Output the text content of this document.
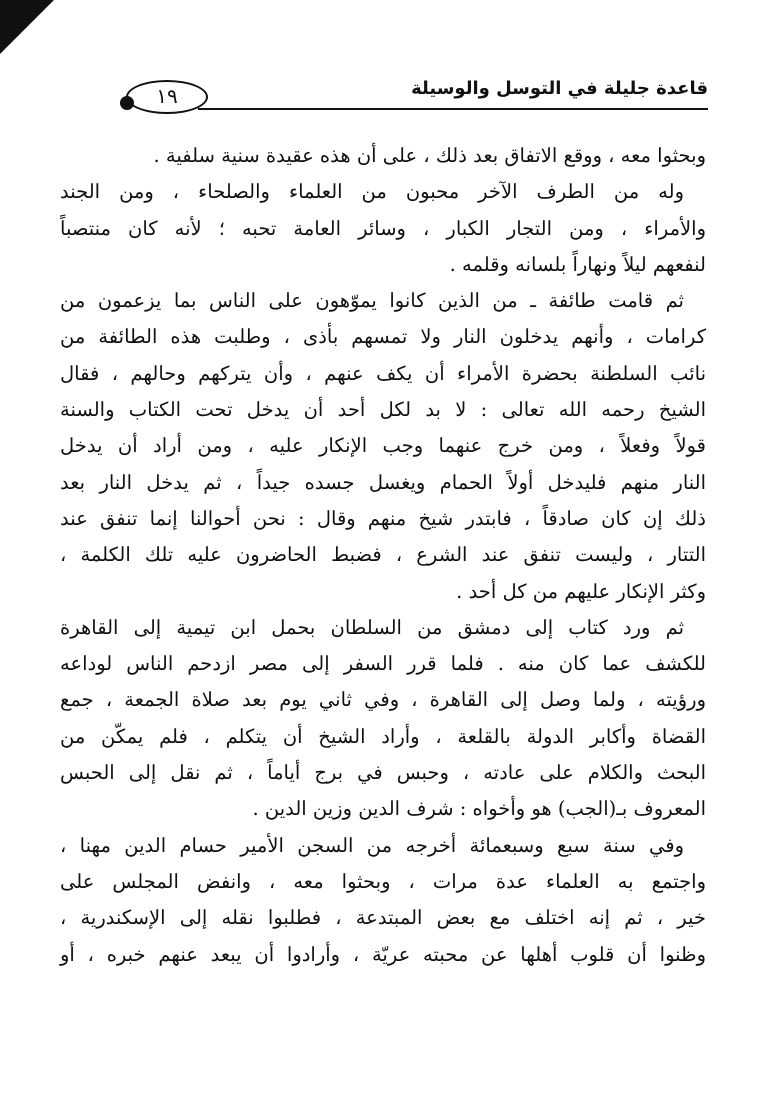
قاعدة جليلة في التوسل والوسيلة
١٩
وبحثوا معه ، ووقع الاتفاق بعد ذلك ، على أن هذه عقيدة سنية سلفية .
وله من الطرف الآخر محبون من العلماء والصلحاء ، ومن الجند
والأمراء ، ومن التجار الكبار ، وسائر العامة تحبه ؛ لأنه كان منتصباً
لنفعهم ليلاً ونهاراً بلسانه وقلمه .
ثم قامت طائفة ـ من الذين كانوا يموّهون على الناس بما يزعمون من
كرامات ، وأنهم يدخلون النار ولا تمسهم بأذى ، وطلبت هذه الطائفة من
نائب السلطنة بحضرة الأمراء أن يكف عنهم ، وأن يتركهم وحالهم ، فقال
الشيخ رحمه الله تعالى : لا بد لكل أحد أن يدخل تحت الكتاب والسنة
قولاً وفعلاً ، ومن خرج عنهما وجب الإنكار عليه ، ومن أراد أن يدخل
النار منهم فليدخل أولاً الحمام ويغسل جسده جيداً ، ثم يدخل النار بعد
ذلك إن كان صادقاً ، فابتدر شيخ منهم وقال : نحن أحوالنا إنما تنفق عند
التتار ، وليست تنفق عند الشرع ، فضبط الحاضرون عليه تلك الكلمة ،
وكثر الإنكار عليهم من كل أحد .
ثم ورد كتاب إلى دمشق من السلطان بحمل ابن تيمية إلى القاهرة
للكشف عما كان منه . فلما قرر السفر إلى مصر ازدحم الناس لوداعه
ورؤيته ، ولما وصل إلى القاهرة ، وفي ثاني يوم بعد صلاة الجمعة ، جمع
القضاة وأكابر الدولة بالقلعة ، وأراد الشيخ أن يتكلم ، فلم يمكّن من
البحث والكلام على عادته ، وحبس في برج أياماً ، ثم نقل إلى الحبس
المعروف بـ(الجب) هو وأخواه : شرف الدين وزين الدين .
وفي سنة سبع وسبعمائة أخرجه من السجن الأمير حسام الدين مهنا ،
واجتمع به العلماء عدة مرات ، وبحثوا معه ، وانفض المجلس على
خير ، ثم إنه اختلف مع بعض المبتدعة ، فطلبوا نقله إلى الإسكندرية ،
وظنوا أن قلوب أهلها عن محبته عريّة ، وأرادوا أن يبعد عنهم خبره ، أو
